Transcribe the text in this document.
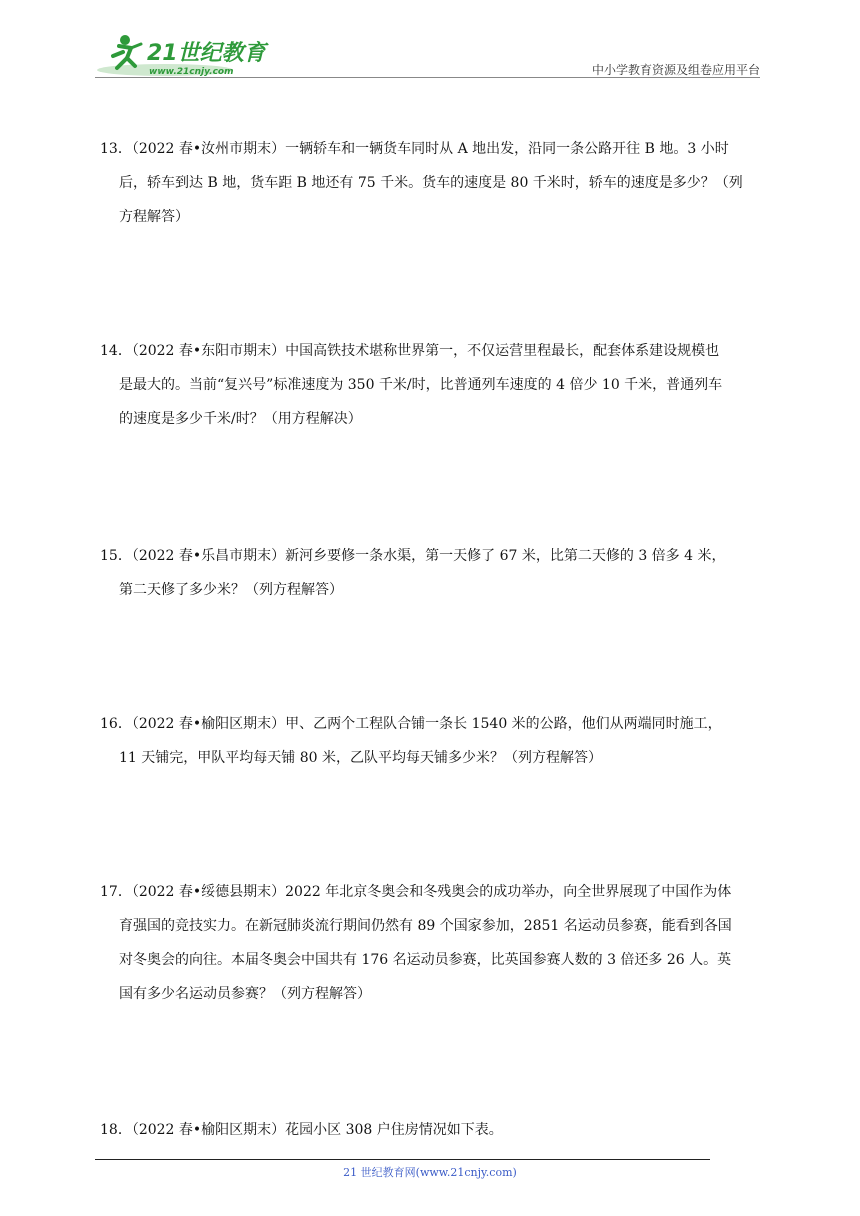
21世纪教育
www.21cnjy.com	中小学教育资源及组卷应用平台
13．（2022 春•汝州市期末）一辆轿车和一辆货车同时从 A 地出发，沿同一条公路开往 B 地。3 小时
后，轿车到达 B 地，货车距 B 地还有 75 千米。货车的速度是 80 千米时，轿车的速度是多少？（列
方程解答）
14．（2022 春•东阳市期末）中国高铁技术堪称世界第一，不仅运营里程最长，配套体系建设规模也
是最大的。当前“复兴号”标准速度为 350 千米/时，比普通列车速度的 4 倍少 10 千米，普通列车
的速度是多少千米/时？（用方程解决）
15．（2022 春•乐昌市期末）新河乡要修一条水渠，第一天修了 67 米，比第二天修的 3 倍多 4 米，
第二天修了多少米？（列方程解答）
16．（2022 春•榆阳区期末）甲、乙两个工程队合铺一条长 1540 米的公路，他们从两端同时施工，
11 天铺完，甲队平均每天铺 80 米，乙队平均每天铺多少米？（列方程解答）
17．（2022 春•绥德县期末）2022 年北京冬奥会和冬残奥会的成功举办，向全世界展现了中国作为体
育强国的竞技实力。在新冠肺炎流行期间仍然有 89 个国家参加，2851 名运动员参赛，能看到各国
对冬奥会的向往。本届冬奥会中国共有 176 名运动员参赛，比英国参赛人数的 3 倍还多 26 人。英
国有多少名运动员参赛？（列方程解答）
18．（2022 春•榆阳区期末）花园小区 308 户住房情况如下表。
21 世纪教育网(www.21cnjy.com)
